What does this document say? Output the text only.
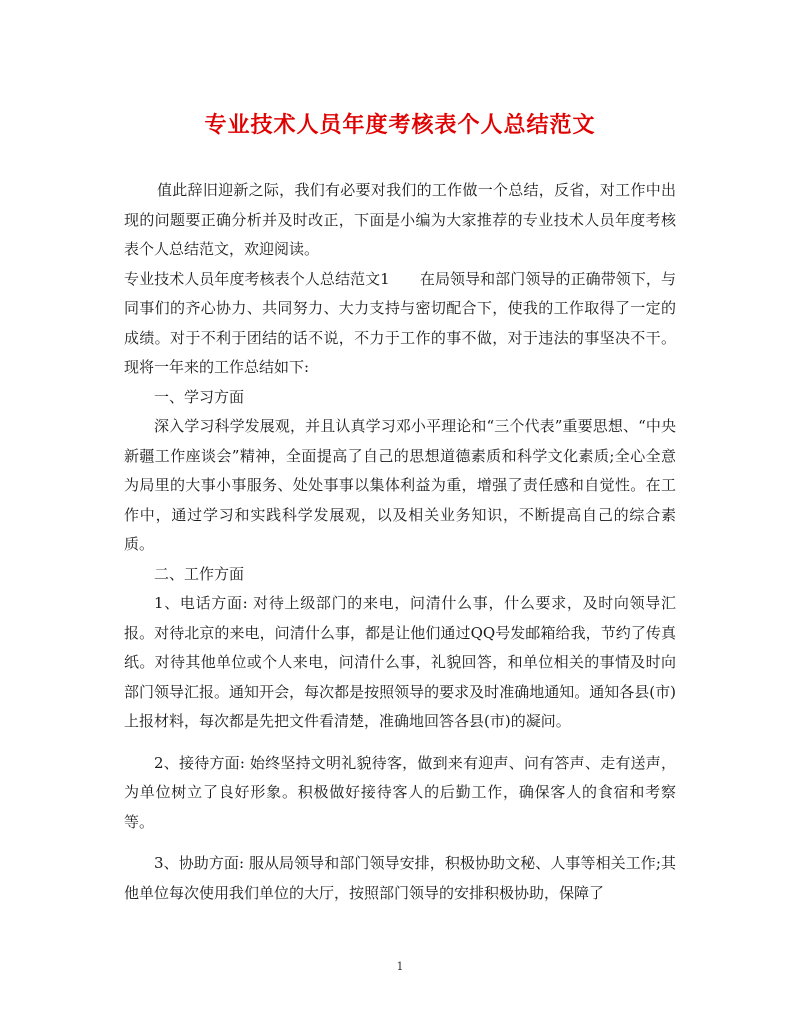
专业技术人员年度考核表个人总结范文

值此辞旧迎新之际，我们有必要对我们的工作做一个总结，反省，对工作中出现的问题要正确分析并及时改正，下面是小编为大家推荐的专业技术人员年度考核表个人总结范文，欢迎阅读。

专业技术人员年度考核表个人总结范文1　　在局领导和部门领导的正确带领下，与同事们的齐心协力、共同努力、大力支持与密切配合下，使我的工作取得了一定的成绩。对于不利于团结的话不说，不力于工作的事不做，对于违法的事坚决不干。现将一年来的工作总结如下:

一、学习方面

深入学习科学发展观，并且认真学习邓小平理论和“三个代表”重要思想、“中央新疆工作座谈会”精神，全面提高了自己的思想道德素质和科学文化素质;全心全意为局里的大事小事服务、处处事事以集体利益为重，增强了责任感和自觉性。在工作中，通过学习和实践科学发展观，以及相关业务知识，不断提高自己的综合素质。

二、工作方面

1、电话方面: 对待上级部门的来电，问清什么事，什么要求，及时向领导汇报。对待北京的来电，问清什么事，都是让他们通过QQ号发邮箱给我，节约了传真纸。对待其他单位或个人来电，问清什么事，礼貌回答，和单位相关的事情及时向部门领导汇报。通知开会，每次都是按照领导的要求及时准确地通知。通知各县(市)上报材料，每次都是先把文件看清楚，准确地回答各县(市)的凝问。

2、接待方面: 始终坚持文明礼貌待客，做到来有迎声、问有答声、走有送声，为单位树立了良好形象。积极做好接待客人的后勤工作，确保客人的食宿和考察等。

3、协助方面: 服从局领导和部门领导安排，积极协助文秘、人事等相关工作;其他单位每次使用我们单位的大厅，按照部门领导的安排积极协助，保障了

1
